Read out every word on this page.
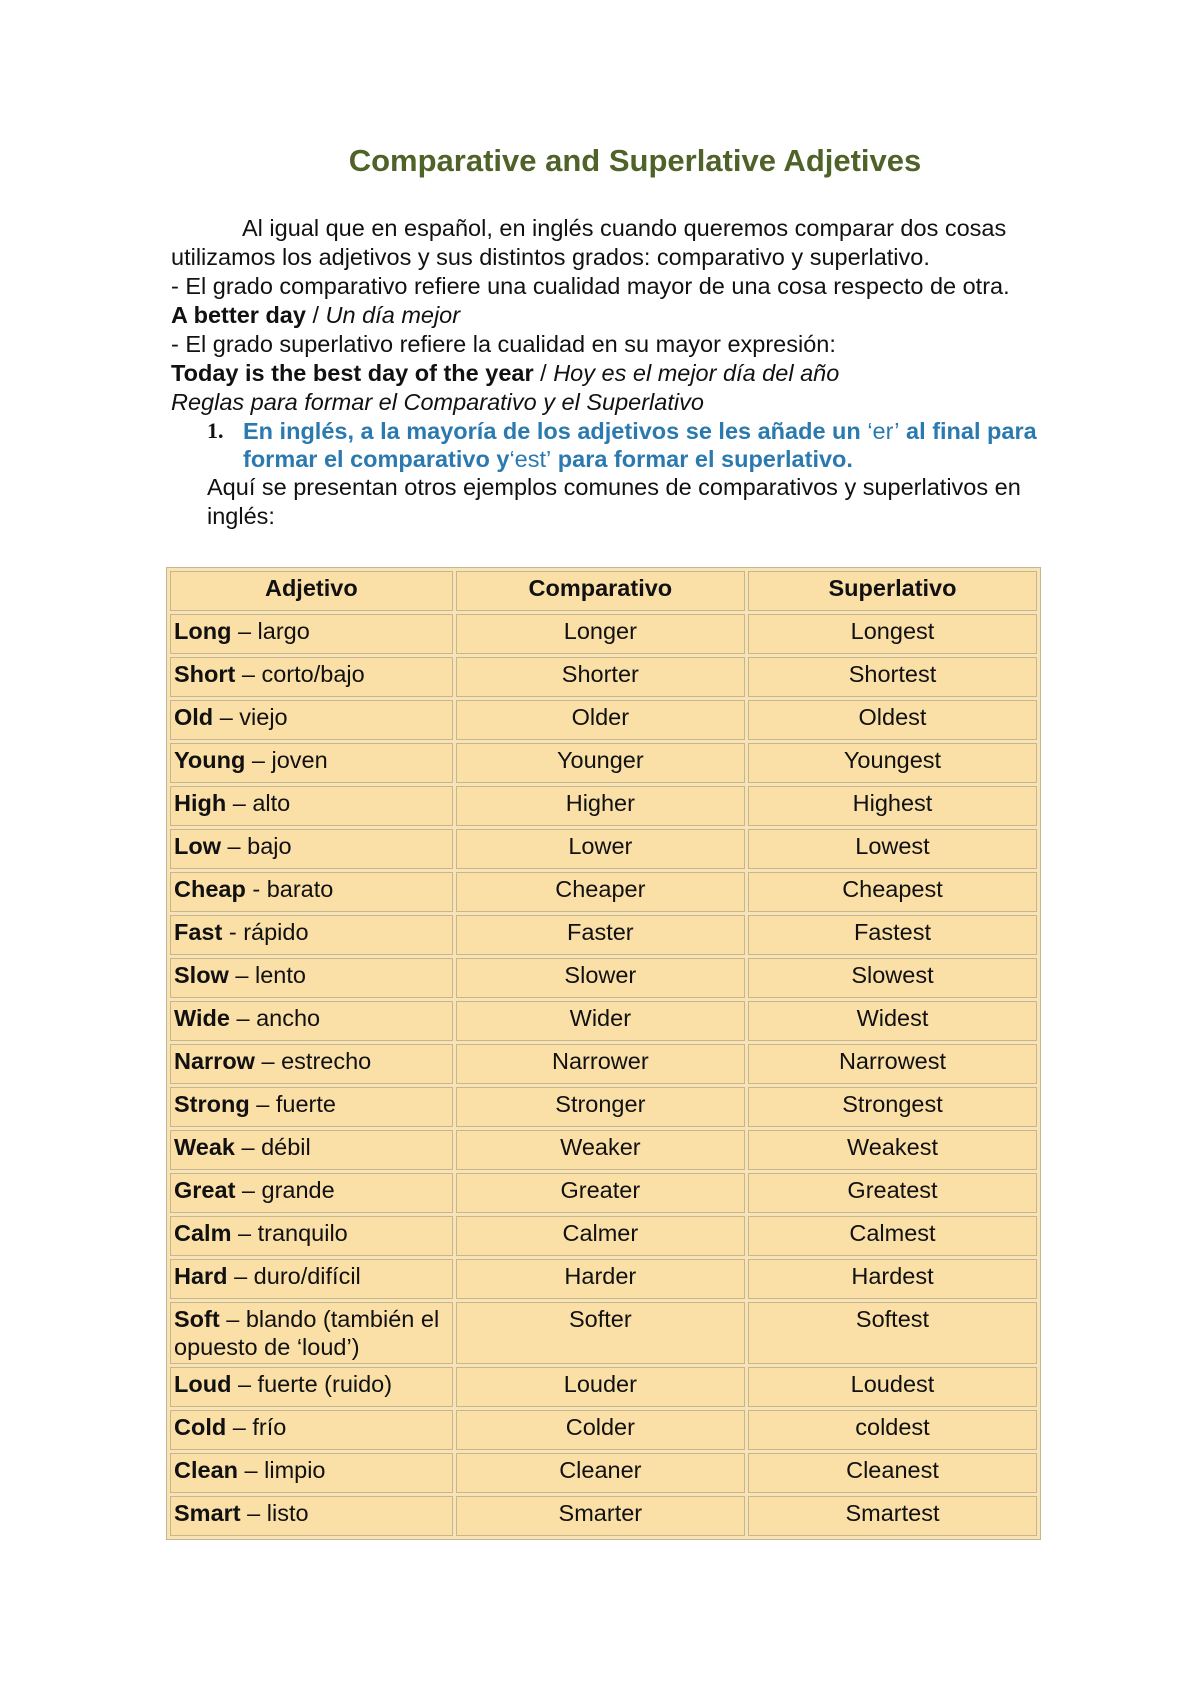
Comparative and Superlative Adjetives

Al igual que en español, en inglés cuando queremos comparar dos cosas utilizamos los adjetivos y sus distintos grados: comparativo y superlativo.

- El grado comparativo refiere una cualidad mayor de una cosa respecto de otra.

A better day / Un día mejor

- El grado superlativo refiere la cualidad en su mayor expresión:

Today is the best day of the year / Hoy es el mejor día del año

Reglas para formar el Comparativo y el Superlativo

1. En inglés, a la mayoría de los adjetivos se les añade un ‘er’ al final para formar el comparativo y‘est’ para formar el superlativo.

Aquí se presentan otros ejemplos comunes de comparativos y superlativos en inglés:

Adjetivo	Comparativo	Superlativo
Long – largo	Longer	Longest
Short – corto/bajo	Shorter	Shortest
Old – viejo	Older	Oldest
Young – joven	Younger	Youngest
High – alto	Higher	Highest
Low – bajo	Lower	Lowest
Cheap - barato	Cheaper	Cheapest
Fast - rápido	Faster	Fastest
Slow – lento	Slower	Slowest
Wide – ancho	Wider	Widest
Narrow – estrecho	Narrower	Narrowest
Strong – fuerte	Stronger	Strongest
Weak – débil	Weaker	Weakest
Great – grande	Greater	Greatest
Calm – tranquilo	Calmer	Calmest
Hard – duro/difícil	Harder	Hardest
Soft – blando (también el opuesto de ‘loud’)	Softer	Softest
Loud – fuerte (ruido)	Louder	Loudest
Cold – frío	Colder	coldest
Clean – limpio	Cleaner	Cleanest
Smart – listo	Smarter	Smartest
